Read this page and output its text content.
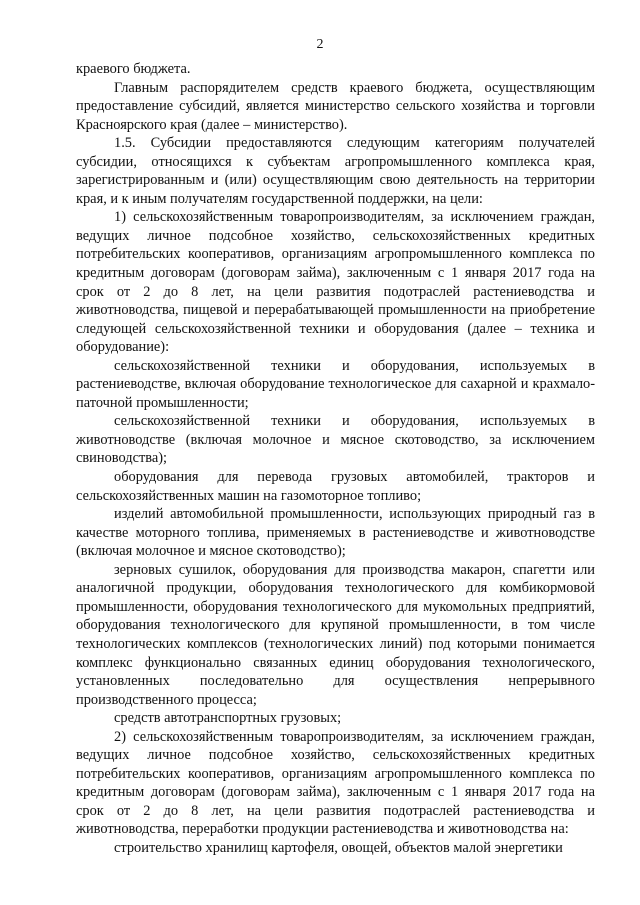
2

краевого бюджета.

Главным распорядителем средств краевого бюджета, осуществляющим предоставление субсидий, является министерство сельского хозяйства и торговли Красноярского края (далее – министерство).

1.5. Субсидии предоставляются следующим категориям получателей субсидии, относящихся к субъектам агропромышленного комплекса края, зарегистрированным и (или) осуществляющим свою деятельность на территории края, и к иным получателям государственной поддержки, на цели:

1) сельскохозяйственным товаропроизводителям, за исключением граждан, ведущих личное подсобное хозяйство, сельскохозяйственных кредитных потребительских кооперативов, организациям агропромышленного комплекса по кредитным договорам (договорам займа), заключенным с 1 января 2017 года на срок от 2 до 8 лет, на цели развития подотраслей растениеводства и животноводства, пищевой и перерабатывающей промышленности на приобретение следующей сельскохозяйственной техники и оборудования (далее – техника и оборудование):

сельскохозяйственной техники и оборудования, используемых в растениеводстве, включая оборудование технологическое для сахарной и крахмало-паточной промышленности;

сельскохозяйственной техники и оборудования, используемых в животноводстве (включая молочное и мясное скотоводство, за исключением свиноводства);

оборудования для перевода грузовых автомобилей, тракторов и сельскохозяйственных машин на газомоторное топливо;

изделий автомобильной промышленности, использующих природный газ в качестве моторного топлива, применяемых в растениеводстве и животноводстве (включая молочное и мясное скотоводство);

зерновых сушилок, оборудования для производства макарон, спагетти или аналогичной продукции, оборудования технологического для комбикормовой промышленности, оборудования технологического для мукомольных предприятий, оборудования технологического для крупяной промышленности, в том числе технологических комплексов (технологических линий) под которыми понимается комплекс функционально связанных единиц оборудования технологического, установленных последовательно для осуществления непрерывного производственного процесса;

средств автотранспортных грузовых;

2) сельскохозяйственным товаропроизводителям, за исключением граждан, ведущих личное подсобное хозяйство, сельскохозяйственных кредитных потребительских кооперативов, организациям агропромышленного комплекса по кредитным договорам (договорам займа), заключенным с 1 января 2017 года на срок от 2 до 8 лет, на цели развития подотраслей растениеводства и животноводства, переработки продукции растениеводства и животноводства на:

строительство хранилищ картофеля, овощей, объектов малой энергетики
